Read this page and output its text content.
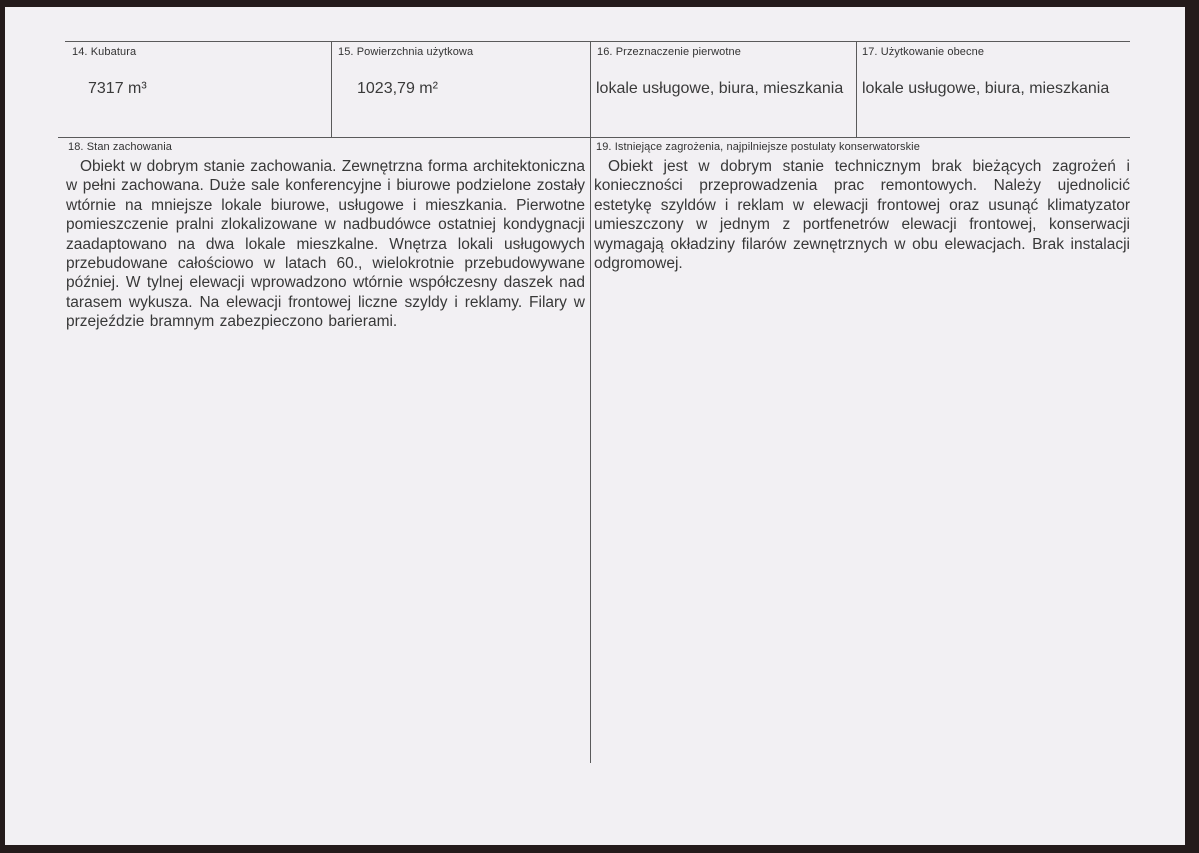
14. Kubatura
7317 m³
15. Powierzchnia użytkowa
1023,79 m²
16. Przeznaczenie pierwotne
lokale usługowe, biura, mieszkania
17. Użytkowanie obecne
lokale usługowe, biura, mieszkania
18. Stan zachowania
Obiekt w dobrym stanie zachowania. Zewnętrzna forma architektoniczna w pełni zachowana. Duże sale konferencyjne i biurowe podzielone zostały wtórnie na mniejsze lokale biurowe, usługowe i mieszkania. Pierwotne pomieszczenie pralni zlokalizowane w nadbudówce ostatniej kondygnacji zaadaptowano na dwa lokale mieszkalne. Wnętrza lokali usługowych przebudowane całościowo w latach 60., wielokrotnie przebudowywane później. W tylnej elewacji wprowadzono wtórnie współczesny daszek nad tarasem wykusza. Na elewacji frontowej liczne szyldy i reklamy. Filary w przejeździe bramnym zabezpieczono barierami.
19. Istniejące zagrożenia, najpilniejsze postulaty konserwatorskie
Obiekt jest w dobrym stanie technicznym brak bieżących zagrożeń i konieczności przeprowadzenia prac remontowych. Należy ujednolicić estetykę szyldów i reklam w elewacji frontowej oraz usunąć klimatyzator umieszczony w jednym z portfenetrów elewacji frontowej, konserwacji wymagają okładziny filarów zewnętrznych w obu elewacjach. Brak instalacji odgromowej.
